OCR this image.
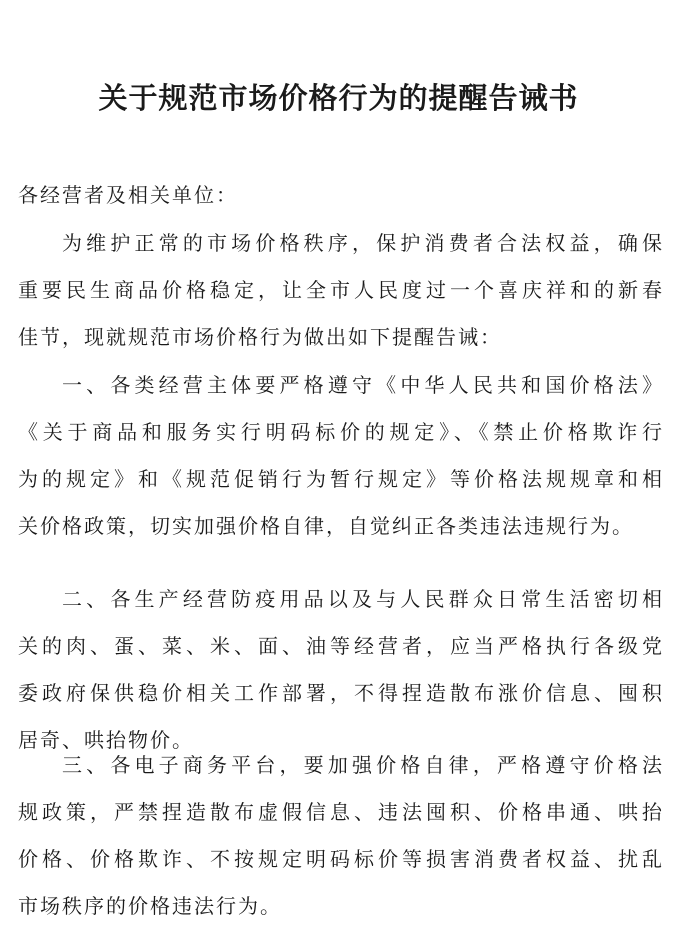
关于规范市场价格行为的提醒告诫书
各经营者及相关单位：
为维护正常的市场价格秩序，保护消费者合法权益，确保
重要民生商品价格稳定，让全市人民度过一个喜庆祥和的新春
佳节，现就规范市场价格行为做出如下提醒告诫：
一、各类经营主体要严格遵守《中华人民共和国价格法》
《关于商品和服务实行明码标价的规定》、《禁止价格欺诈行
为的规定》和《规范促销行为暂行规定》等价格法规规章和相
关价格政策，切实加强价格自律，自觉纠正各类违法违规行为。
二、各生产经营防疫用品以及与人民群众日常生活密切相
关的肉、蛋、菜、米、面、油等经营者，应当严格执行各级党
委政府保供稳价相关工作部署，不得捏造散布涨价信息、囤积
居奇、哄抬物价。
三、各电子商务平台，要加强价格自律，严格遵守价格法
规政策，严禁捏造散布虚假信息、违法囤积、价格串通、哄抬
价格、价格欺诈、不按规定明码标价等损害消费者权益、扰乱
市场秩序的价格违法行为。
